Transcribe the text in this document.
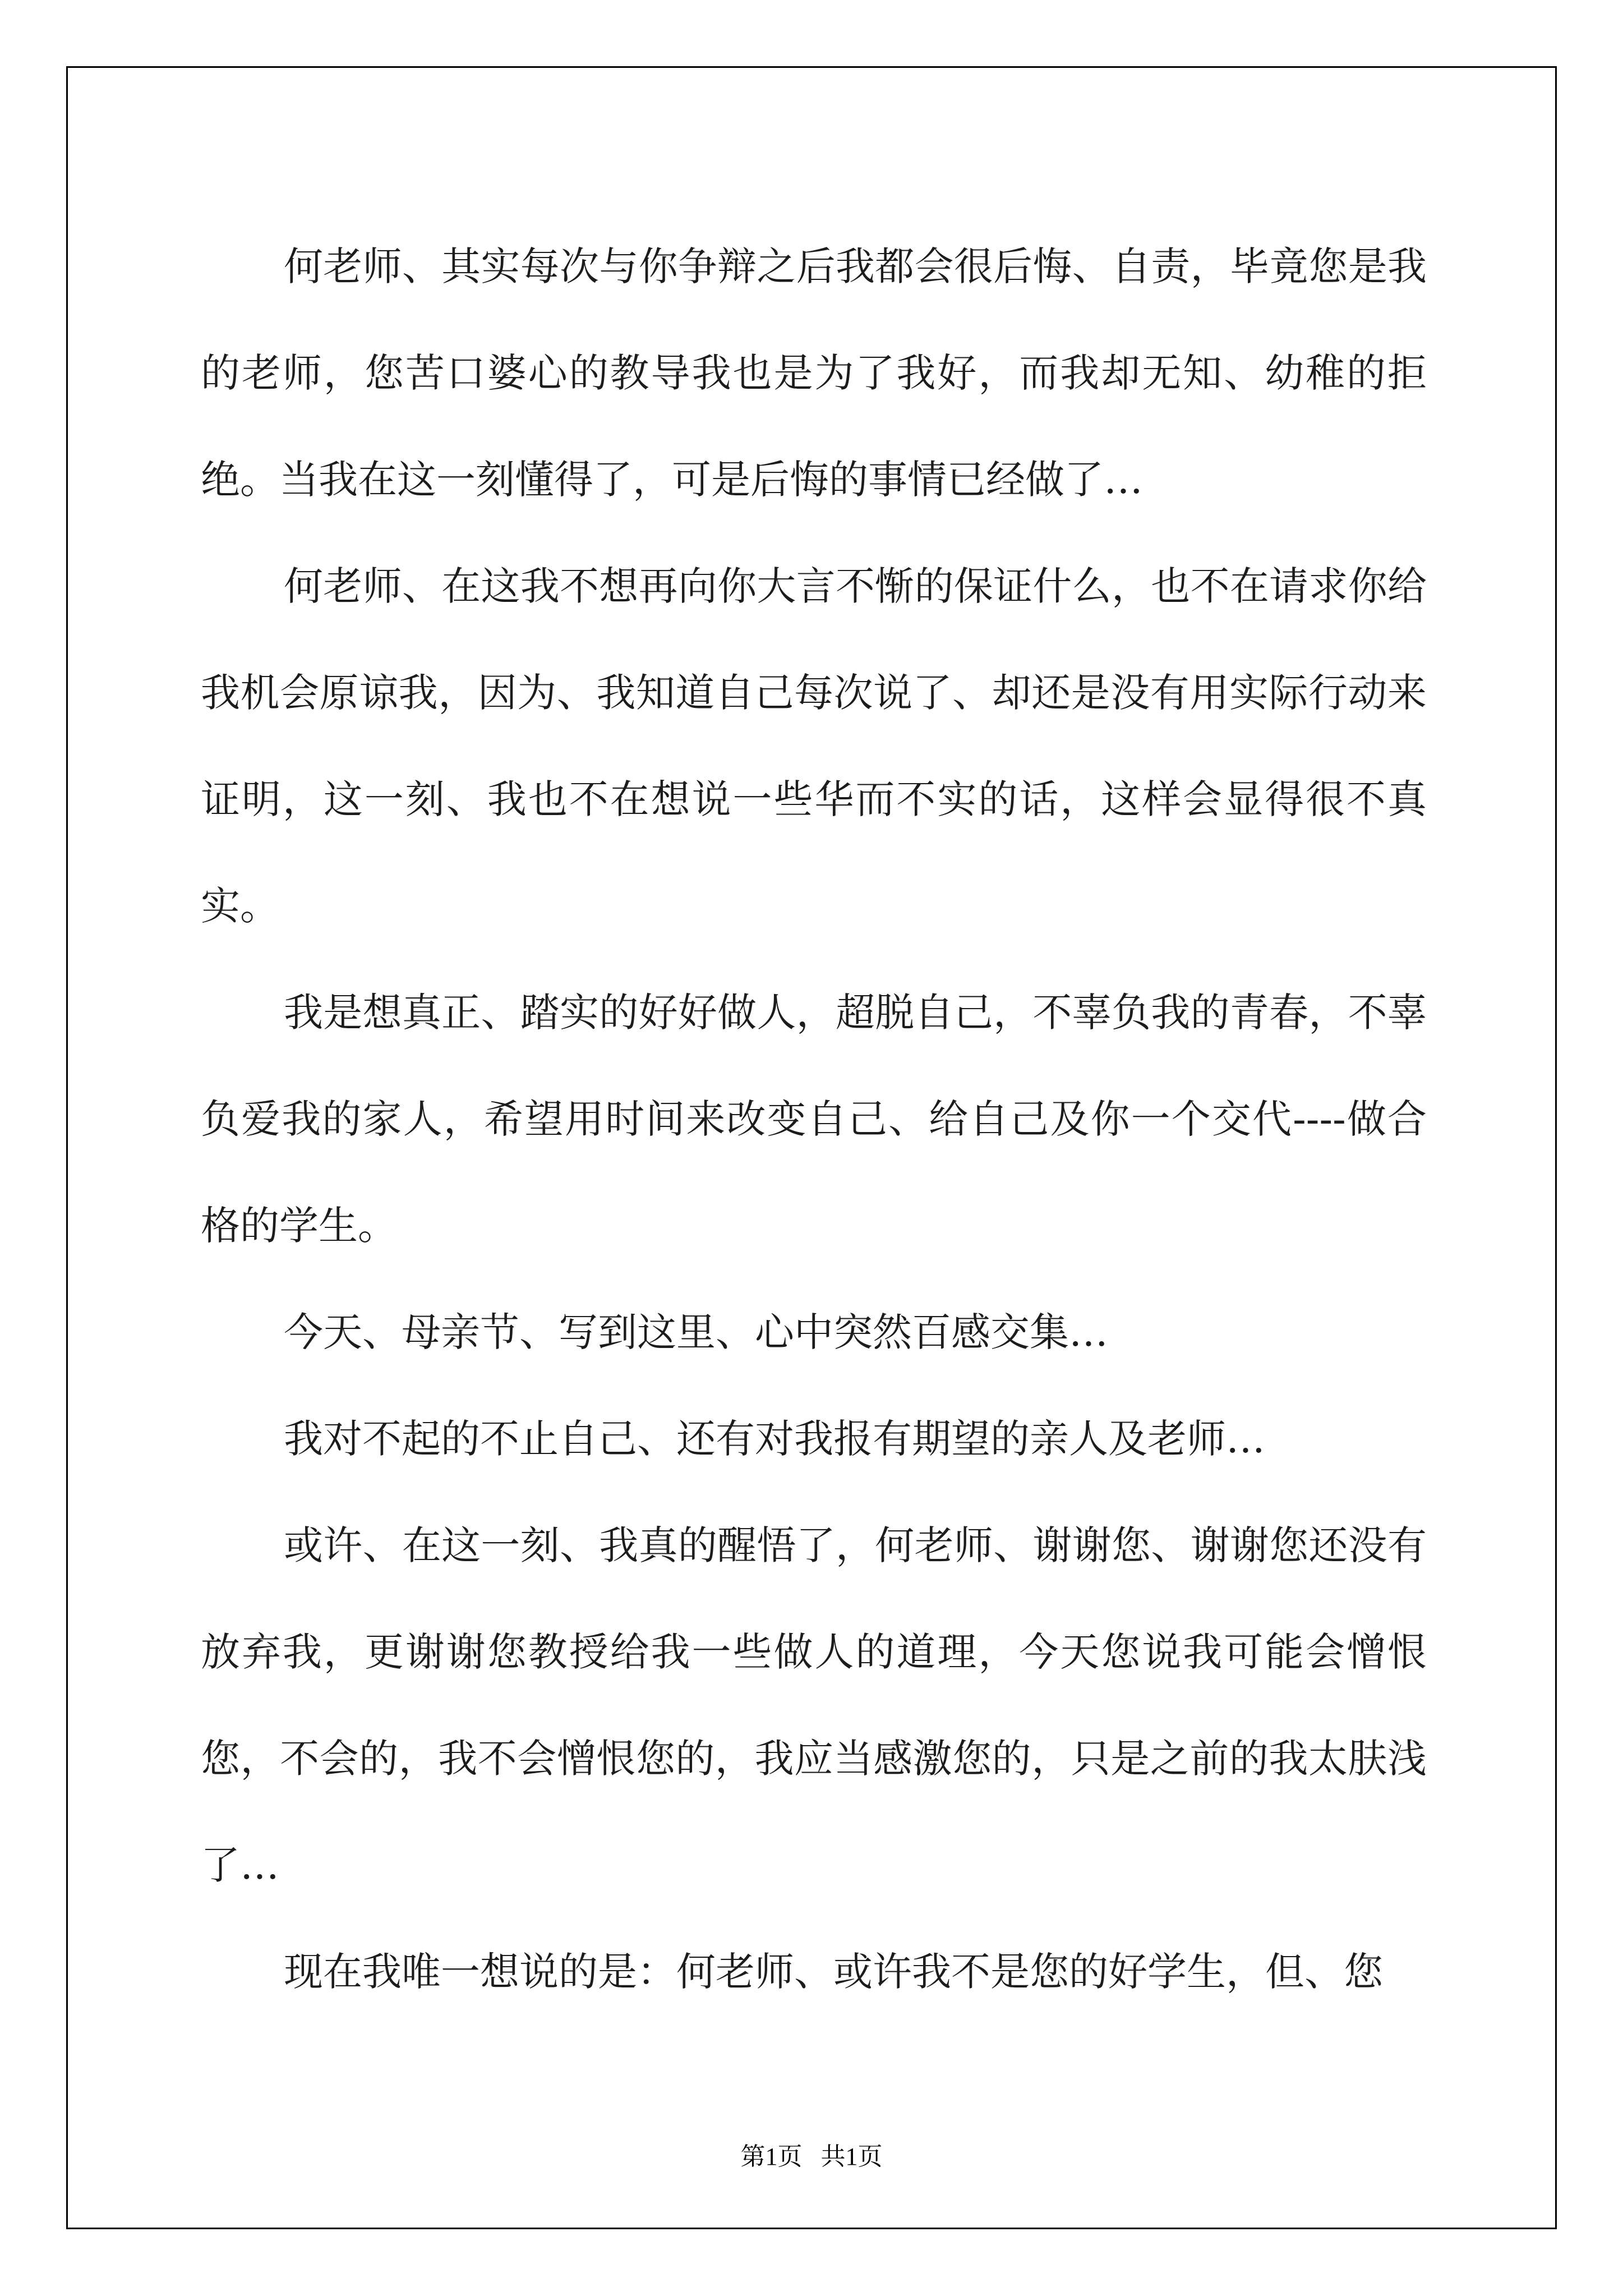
何老师、其实每次与你争辩之后我都会很后悔、自责，毕竟您是我的老师，您苦口婆心的教导我也是为了我好，而我却无知、幼稚的拒绝。当我在这一刻懂得了，可是后悔的事情已经做了…

何老师、在这我不想再向你大言不惭的保证什么，也不在请求你给我机会原谅我，因为、我知道自己每次说了、却还是没有用实际行动来证明，这一刻、我也不在想说一些华而不实的话，这样会显得很不真实。

我是想真正、踏实的好好做人，超脱自己，不辜负我的青春，不辜负爱我的家人，希望用时间来改变自己、给自己及你一个交代----做合格的学生。

今天、母亲节、写到这里、心中突然百感交集…

我对不起的不止自己、还有对我报有期望的亲人及老师…

或许、在这一刻、我真的醒悟了，何老师、谢谢您、谢谢您还没有放弃我，更谢谢您教授给我一些做人的道理，今天您说我可能会憎恨您，不会的，我不会憎恨您的，我应当感激您的，只是之前的我太肤浅了…

现在我唯一想说的是：何老师、或许我不是您的好学生，但、您

第1页   共1页
